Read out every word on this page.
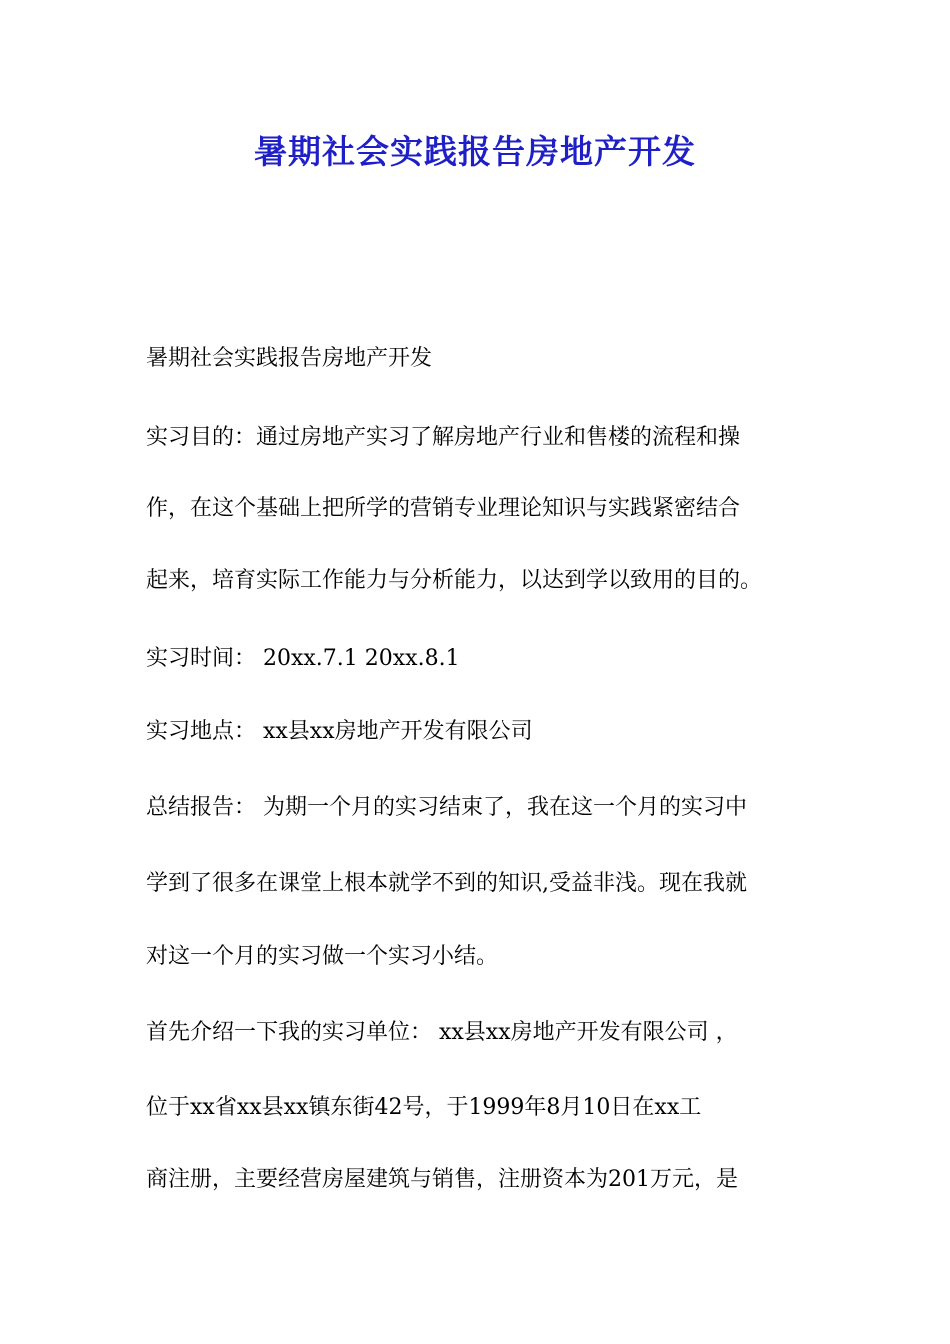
暑期社会实践报告房地产开发
暑期社会实践报告房地产开发
实习目的：通过房地产实习了解房地产行业和售楼的流程和操
作，在这个基础上把所学的营销专业理论知识与实践紧密结合
起来，培育实际工作能力与分析能力，以达到学以致用的目的。
实习时间： 20xx.7.1 20xx.8.1
实习地点： xx县xx房地产开发有限公司
总结报告： 为期一个月的实习结束了，我在这一个月的实习中
学到了很多在课堂上根本就学不到的知识,受益非浅。现在我就
对这一个月的实习做一个实习小结。
首先介绍一下我的实习单位： xx县xx房地产开发有限公司 ，
位于xx省xx县xx镇东街42号，于1999年8月10日在xx工
商注册，主要经营房屋建筑与销售，注册资本为201万元，是
